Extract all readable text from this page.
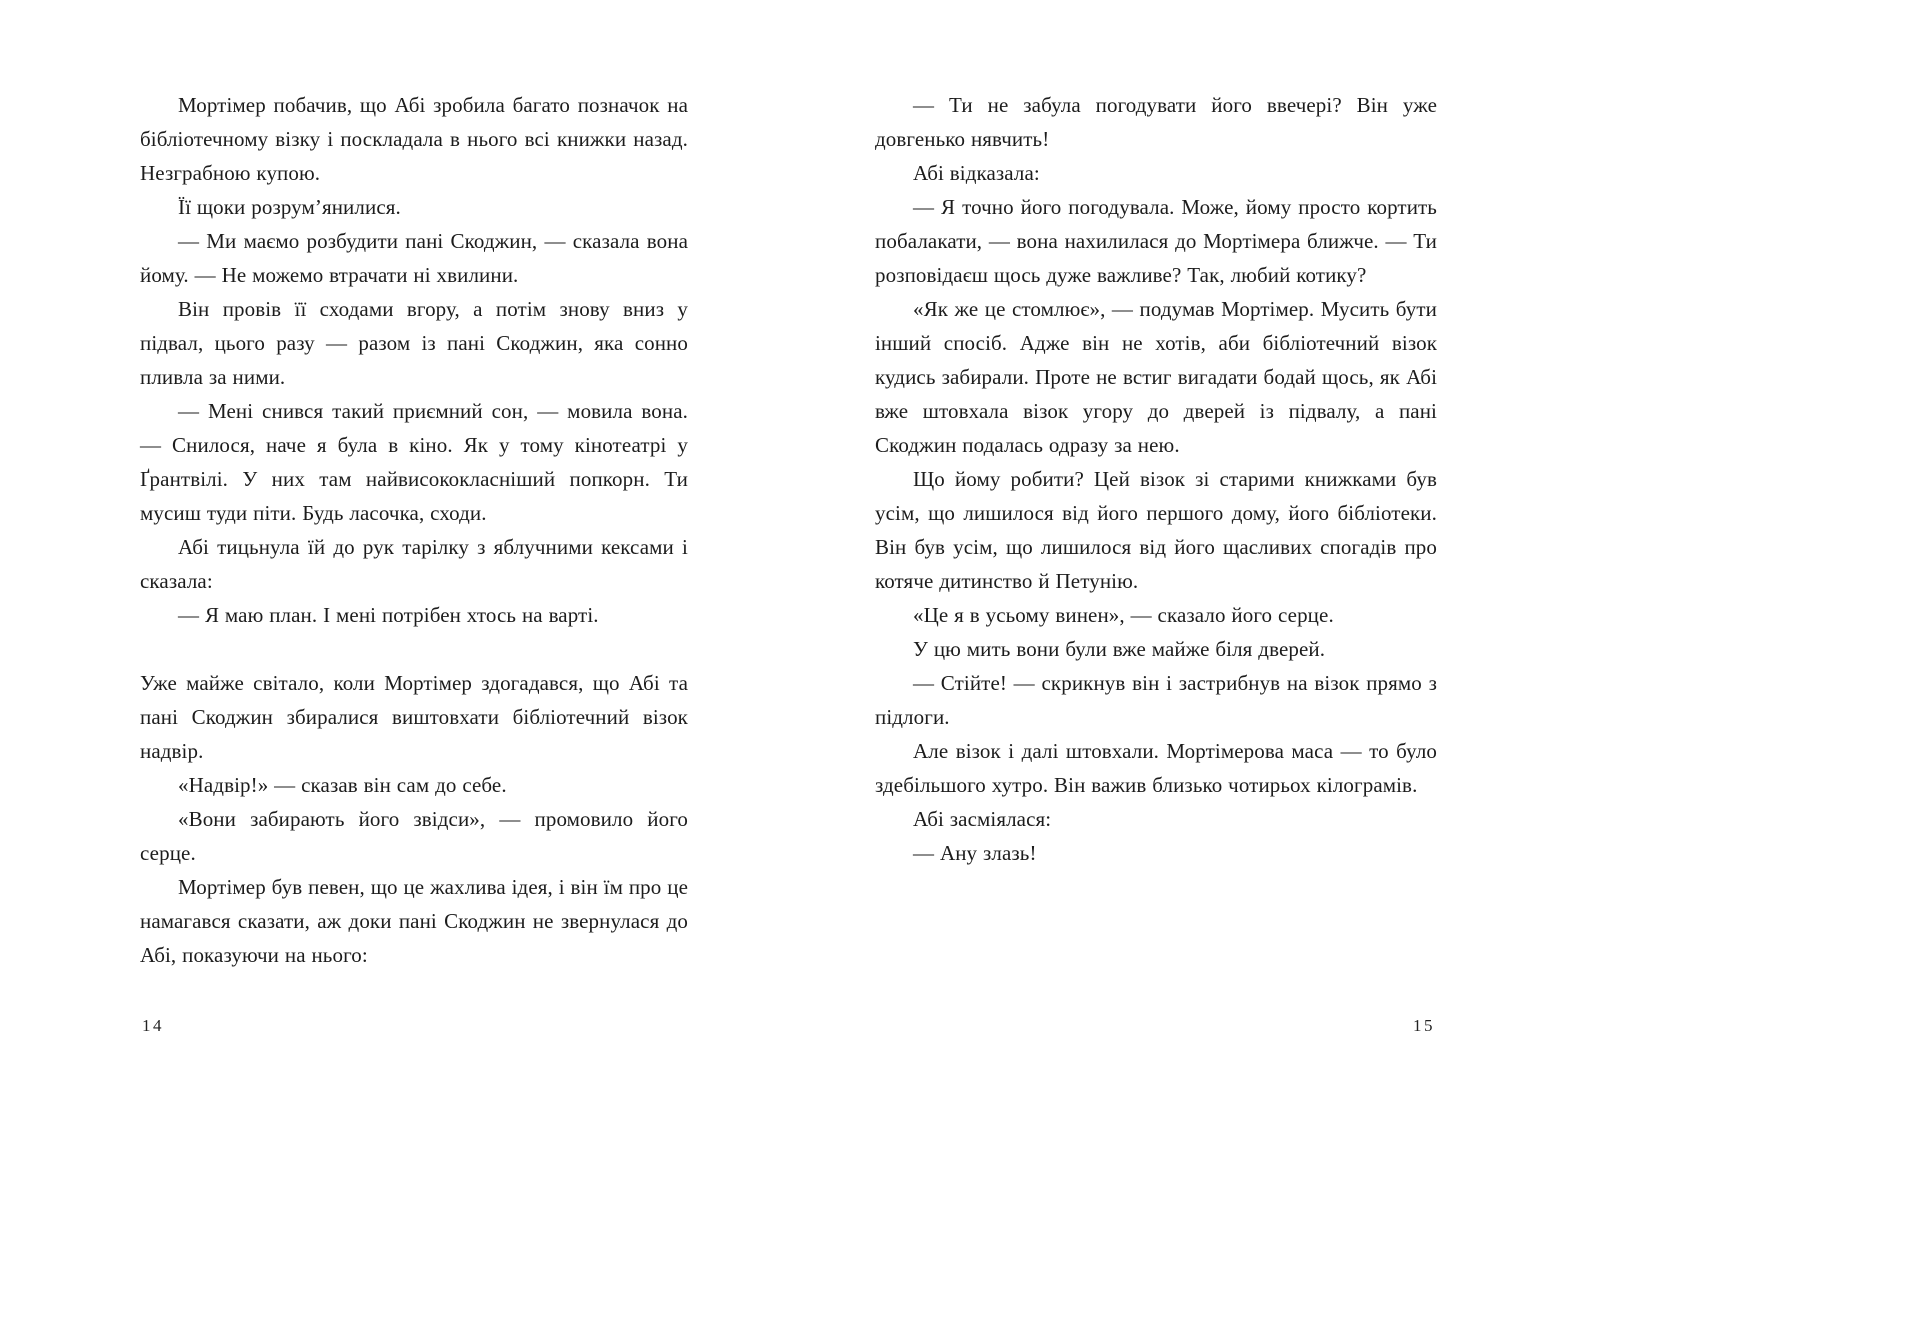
Мортімер побачив, що Абі зробила багато позначок на бібліотечному візку і поскладала в нього всі книжки назад. Незграбною купою.

Її щоки розрум’янилися.

— Ми маємо розбудити пані Скоджин, — сказала вона йому. — Не можемо втрачати ні хвилини.

Він провів її сходами вгору, а потім знову вниз у підвал, цього разу — разом із пані Скоджин, яка сонно пливла за ними.

— Мені снився такий приємний сон, — мовила вона. — Снилося, наче я була в кіно. Як у тому кінотеатрі у Ґрантвілі. У них там найвисококласніший попкорн. Ти мусиш туди піти. Будь ласочка, сходи.

Абі тицьнула їй до рук тарілку з яблучними кексами і сказала:

— Я маю план. І мені потрібен хтось на варті.

Уже майже світало, коли Мортімер здогадався, що Абі та пані Скоджин збиралися виштовхати бібліотечний візок надвір.

«Надвір!» — сказав він сам до себе.

«Вони забирають його звідси», — промовило його серце.

Мортімер був певен, що це жахлива ідея, і він їм про це намагався сказати, аж доки пані Скоджин не звернулася до Абі, показуючи на нього:

14

— Ти не забула погодувати його ввечері? Він уже довгенько нявчить!

Абі відказала:

— Я точно його погодувала. Може, йому просто кортить побалакати, — вона нахилилася до Мортімера ближче. — Ти розповідаєш щось дуже важливе? Так, любий котику?

«Як же це стомлює», — подумав Мортімер. Мусить бути інший спосіб. Адже він не хотів, аби бібліотечний візок кудись забирали. Проте не встиг вигадати бодай щось, як Абі вже штовхала візок угору до дверей із підвалу, а пані Скоджин подалась одразу за нею.

Що йому робити? Цей візок зі старими книжками був усім, що лишилося від його першого дому, його бібліотеки. Він був усім, що лишилося від його щасливих спогадів про котяче дитинство й Петунію.

«Це я в усьому винен», — сказало його серце.

У цю мить вони були вже майже біля дверей.

— Стійте! — скрикнув він і застрибнув на візок прямо з підлоги.

Але візок і далі штовхали. Мортімерова маса — то було здебільшого хутро. Він важив близько чотирьох кілограмів.

Абі засміялася:

— Ану злазь!

15
